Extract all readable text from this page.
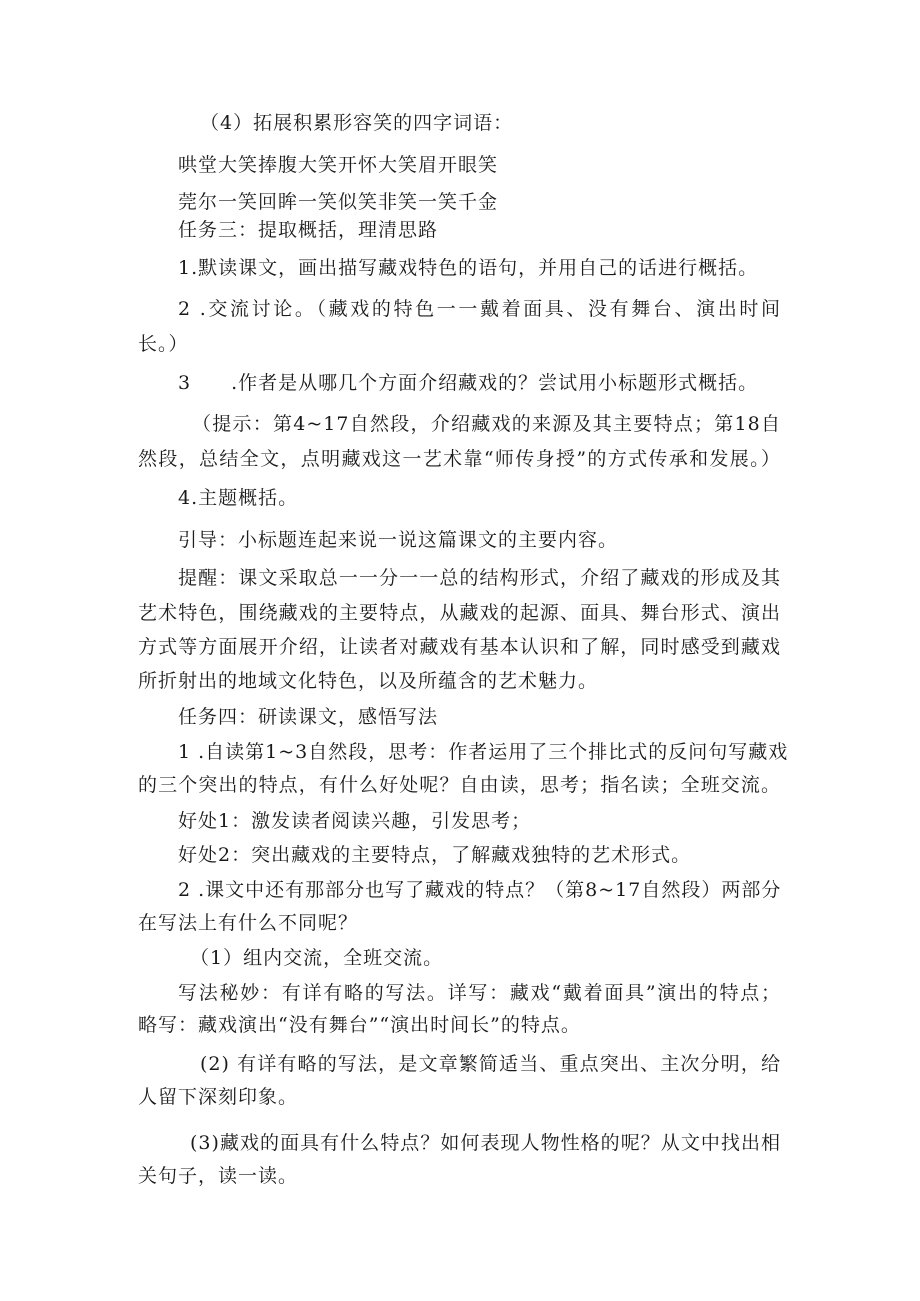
（4）拓展积累形容笑的四字词语：
哄堂大笑捧腹大笑开怀大笑眉开眼笑
莞尔一笑回眸一笑似笑非笑一笑千金
任务三：提取概括，理清思路
1.默读课文，画出描写藏戏特色的语句，并用自己的话进行概括。
2 .交流讨论。（藏戏的特色一一戴着面具、没有舞台、演出时间
长。）
3　　.作者是从哪几个方面介绍藏戏的？尝试用小标题形式概括。
（提示：第4~17自然段，介绍藏戏的来源及其主要特点；第18自
然段，总结全文，点明藏戏这一艺术靠“师传身授”的方式传承和发展。）
4.主题概括。
引导：小标题连起来说一说这篇课文的主要内容。
提醒：课文采取总一一分一一总的结构形式，介绍了藏戏的形成及其
艺术特色，围绕藏戏的主要特点，从藏戏的起源、面具、舞台形式、演出
方式等方面展开介绍，让读者对藏戏有基本认识和了解，同时感受到藏戏
所折射出的地域文化特色，以及所蕴含的艺术魅力。
任务四：研读课文，感悟写法
1 .自读第1~3自然段，思考：作者运用了三个排比式的反问句写藏戏
的三个突出的特点，有什么好处呢？自由读，思考；指名读；全班交流。
好处1：激发读者阅读兴趣，引发思考；
好处2：突出藏戏的主要特点，了解藏戏独特的艺术形式。
2 .课文中还有那部分也写了藏戏的特点？（第8~17自然段）两部分
在写法上有什么不同呢？
（1）组内交流，全班交流。
写法秘妙：有详有略的写法。详写：藏戏“戴着面具”演出的特点；
略写：藏戏演出“没有舞台”“演出时间长”的特点。
(2) 有详有略的写法，是文章繁简适当、重点突出、主次分明，给
人留下深刻印象。
(3)藏戏的面具有什么特点？如何表现人物性格的呢？从文中找出相
关句子，读一读。
